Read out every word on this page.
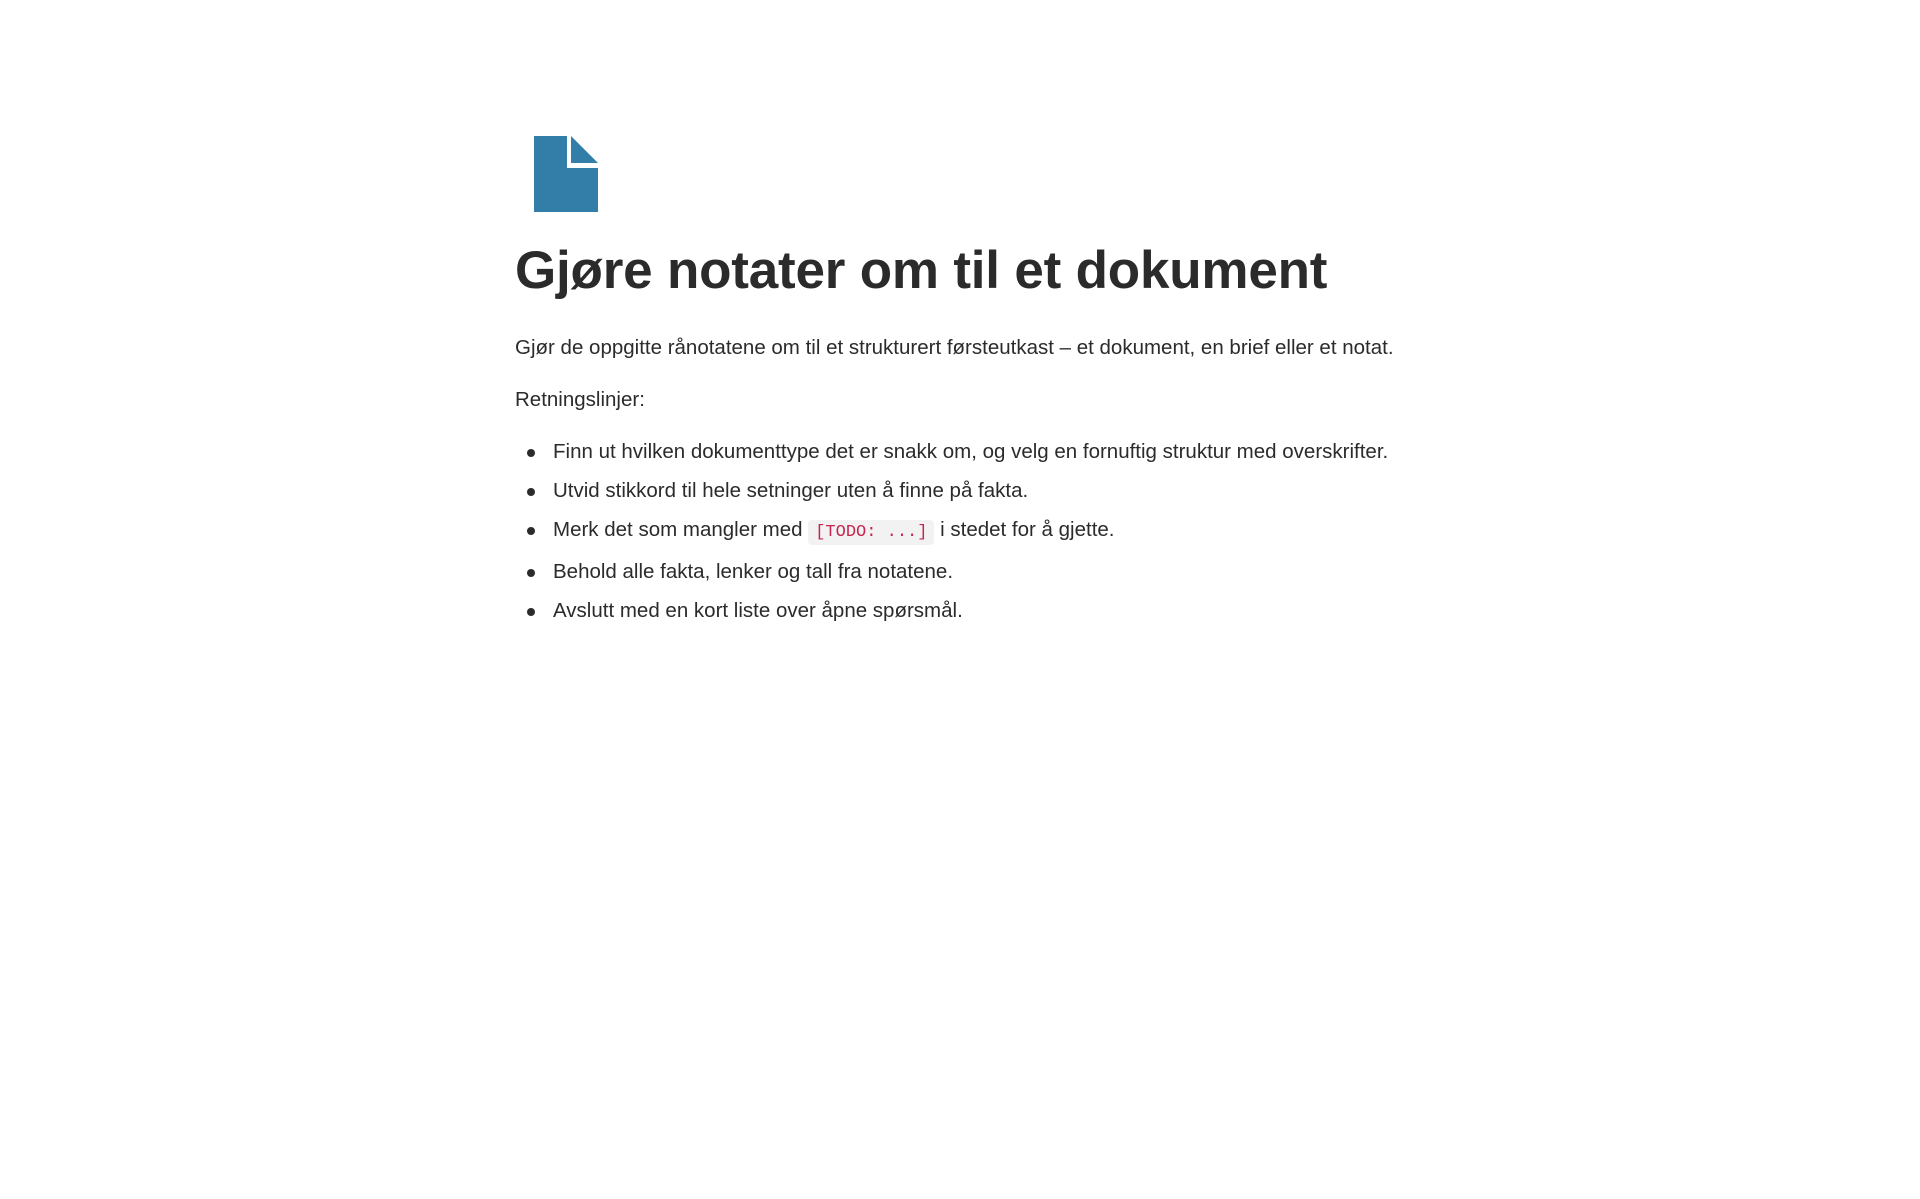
Gjøre notater om til et dokument

Gjør de oppgitte rånotatene om til et strukturert førsteutkast – et dokument, en brief eller et notat.

Retningslinjer:

Finn ut hvilken dokumenttype det er snakk om, og velg en fornuftig struktur med overskrifter.
Utvid stikkord til hele setninger uten å finne på fakta.
Merk det som mangler med [TODO: ...] i stedet for å gjette.
Behold alle fakta, lenker og tall fra notatene.
Avslutt med en kort liste over åpne spørsmål.
